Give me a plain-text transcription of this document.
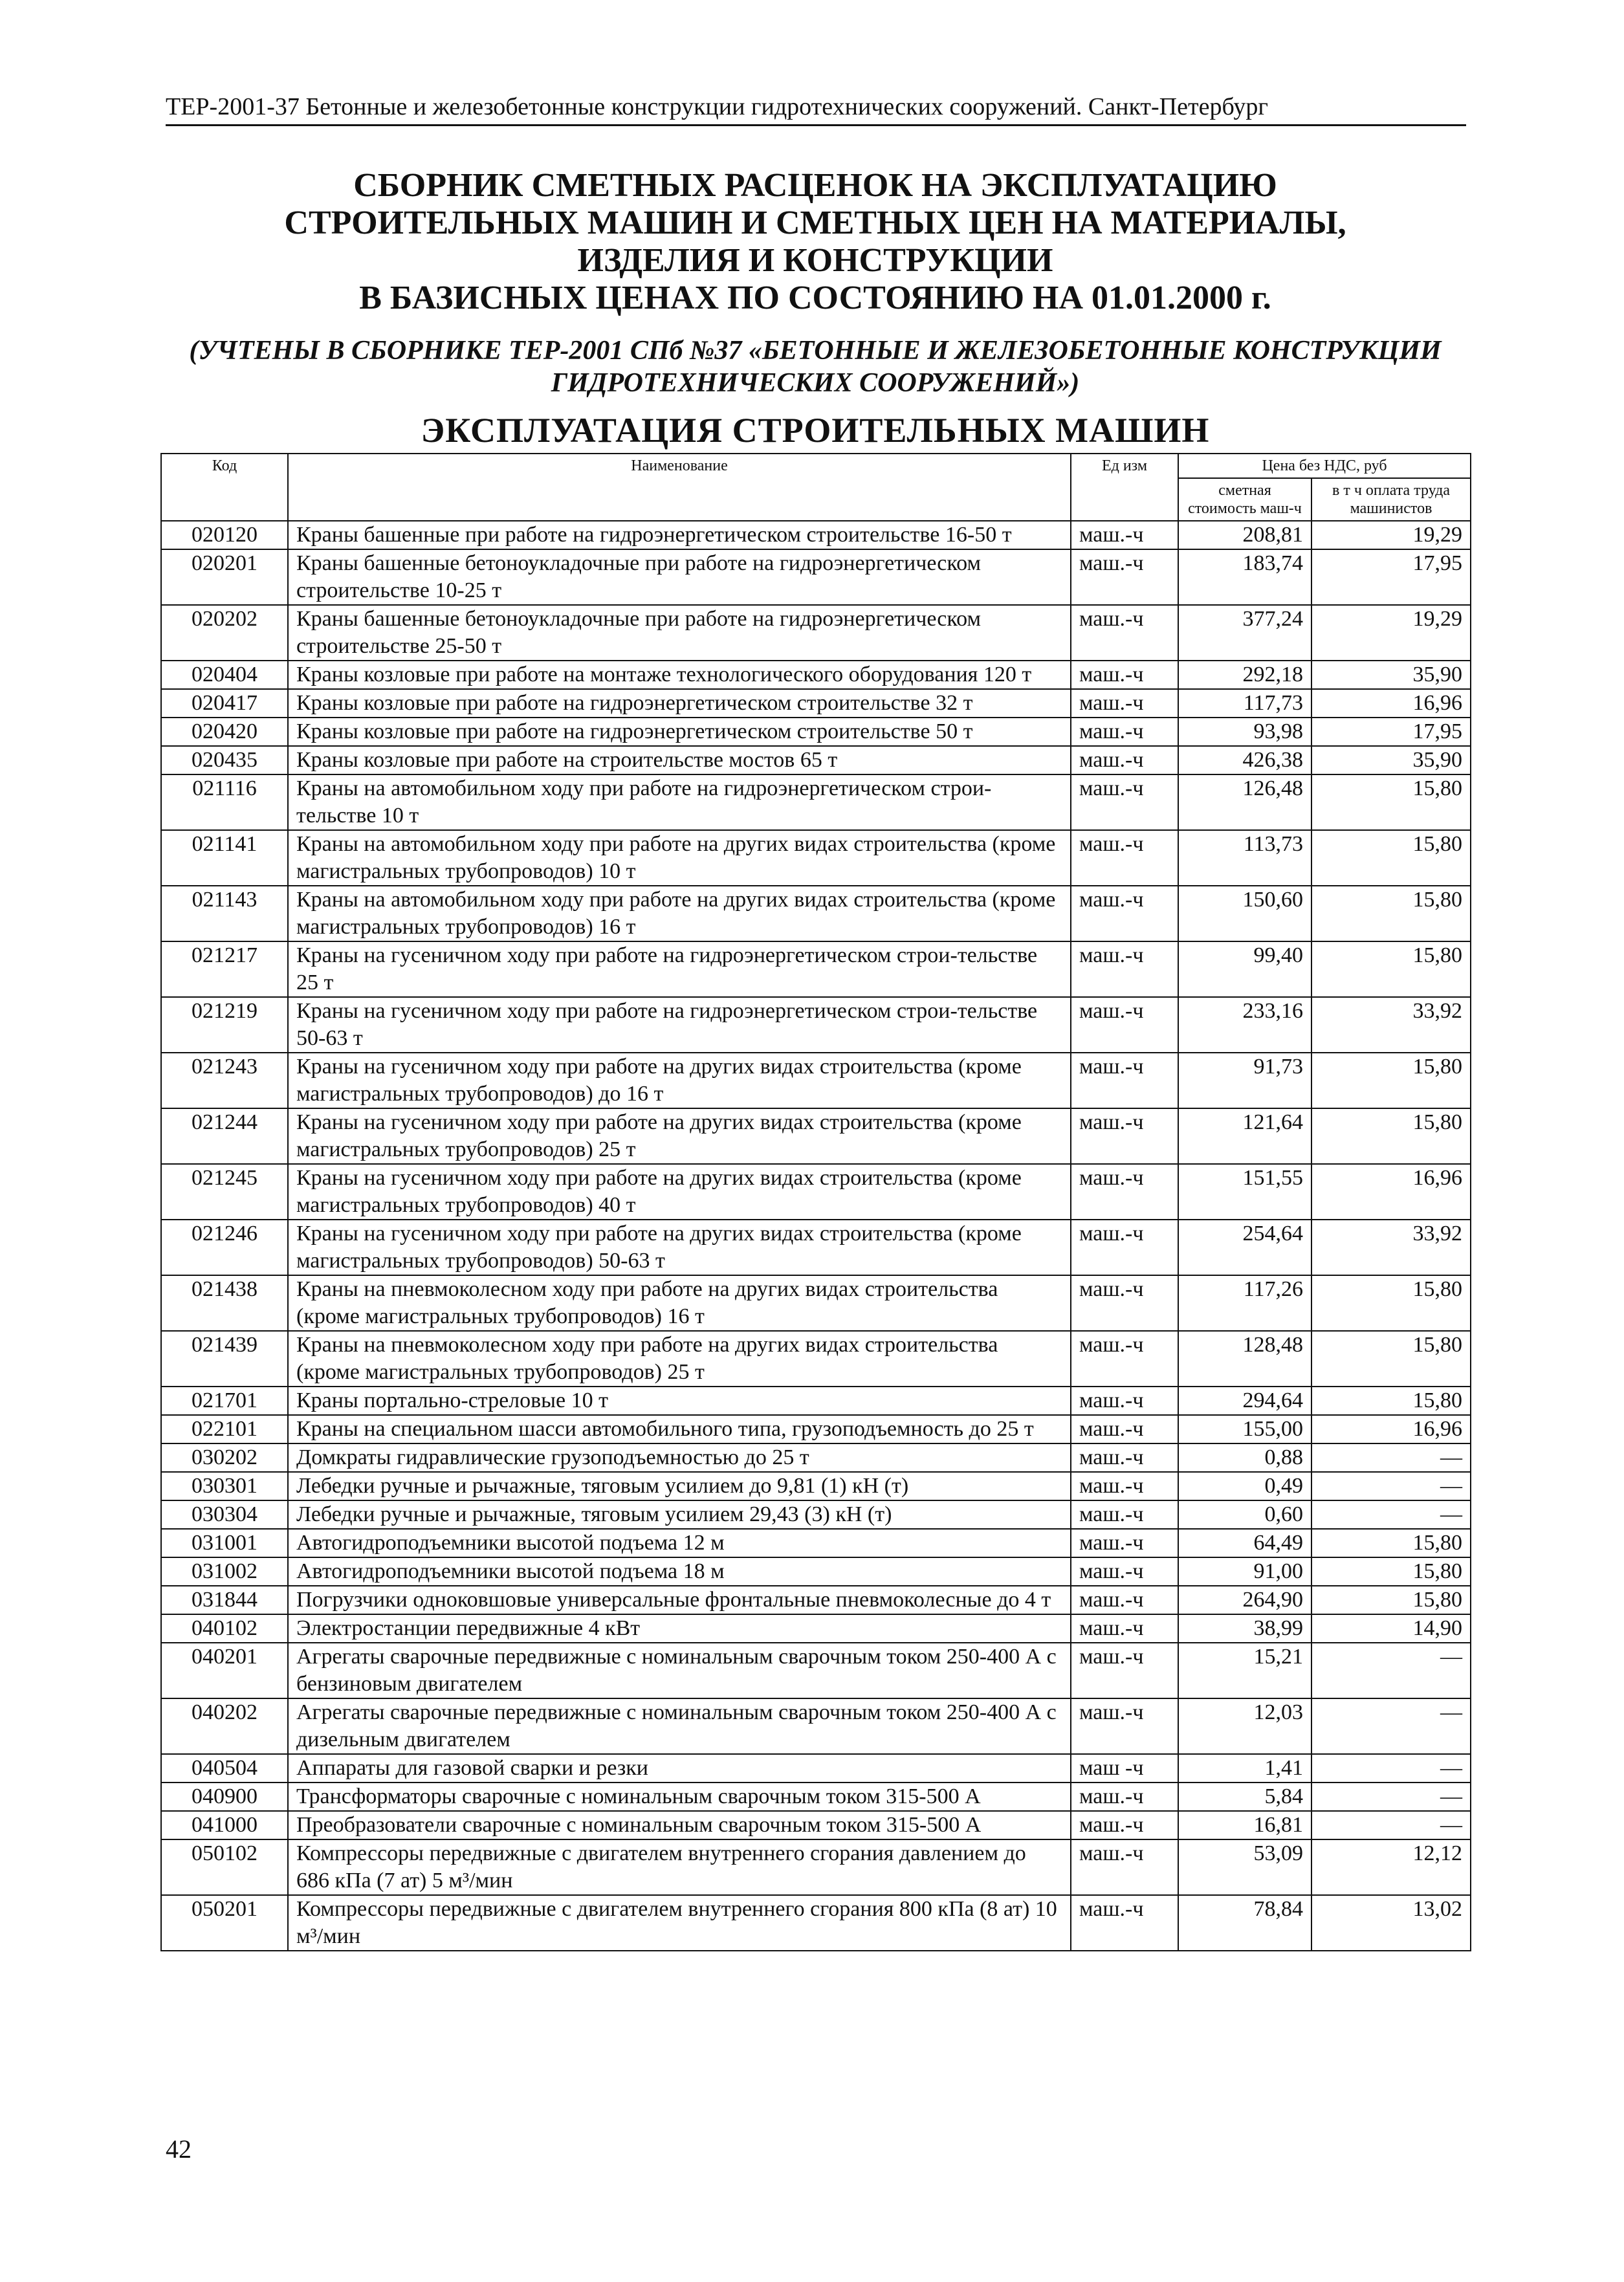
ТЕР-2001-37 Бетонные и железобетонные конструкции гидротехнических сооружений. Санкт-Петербург
СБОРНИК СМЕТНЫХ РАСЦЕНОК НА ЭКСПЛУАТАЦИЮ
СТРОИТЕЛЬНЫХ МАШИН И СМЕТНЫХ ЦЕН НА МАТЕРИАЛЫ,
ИЗДЕЛИЯ И КОНСТРУКЦИИ
В БАЗИСНЫХ ЦЕНАХ ПО СОСТОЯНИЮ НА 01.01.2000 г.
(УЧТЕНЫ В СБОРНИКЕ ТЕР-2001 СПб №37 «БЕТОННЫЕ И ЖЕЛЕЗОБЕТОННЫЕ КОНСТРУКЦИИ
ГИДРОТЕХНИЧЕСКИХ СООРУЖЕНИЙ»)
ЭКСПЛУАТАЦИЯ СТРОИТЕЛЬНЫХ МАШИН
Код	Наименование	Ед изм	Цена без НДС, руб	
			сметная стоимость маш-ч	в т ч оплата труда машинистов
020120	Краны башенные при работе на гидроэнергетическом строительстве 16-50 т	маш.-ч	208,81	19,29
020201	Краны башенные бетоноукладочные при работе на гидроэнергетическом строительстве 10-25 т	маш.-ч	183,74	17,95
020202	Краны башенные бетоноукладочные при работе на гидроэнергетическом строительстве 25-50 т	маш.-ч	377,24	19,29
020404	Краны козловые при работе на монтаже технологического оборудования 120 т	маш.-ч	292,18	35,90
020417	Краны козловые при работе на гидроэнергетическом строительстве 32 т	маш.-ч	117,73	16,96
020420	Краны козловые при работе на гидроэнергетическом строительстве 50 т	маш.-ч	93,98	17,95
020435	Краны козловые при работе на строительстве мостов 65 т	маш.-ч	426,38	35,90
021116	Краны на автомобильном ходу при работе на гидроэнергетическом строи-тельстве 10 т	маш.-ч	126,48	15,80
021141	Краны на автомобильном ходу при работе на других видах строительства (кроме магистральных трубопроводов) 10 т	маш.-ч	113,73	15,80
021143	Краны на автомобильном ходу при работе на других видах строительства (кроме магистральных трубопроводов) 16 т	маш.-ч	150,60	15,80
021217	Краны на гусеничном ходу при работе на гидроэнергетическом строи-тельстве 25 т	маш.-ч	99,40	15,80
021219	Краны на гусеничном ходу при работе на гидроэнергетическом строи-тельстве 50-63 т	маш.-ч	233,16	33,92
021243	Краны на гусеничном ходу при работе на других видах строительства (кроме магистральных трубопроводов) до 16 т	маш.-ч	91,73	15,80
021244	Краны на гусеничном ходу при работе на других видах строительства (кроме магистральных трубопроводов) 25 т	маш.-ч	121,64	15,80
021245	Краны на гусеничном ходу при работе на других видах строительства (кроме магистральных трубопроводов) 40 т	маш.-ч	151,55	16,96
021246	Краны на гусеничном ходу при работе на других видах строительства (кроме магистральных трубопроводов) 50-63 т	маш.-ч	254,64	33,92
021438	Краны на пневмоколесном ходу при работе на других видах строительства (кроме магистральных трубопроводов) 16 т	маш.-ч	117,26	15,80
021439	Краны на пневмоколесном ходу при работе на других видах строительства (кроме магистральных трубопроводов) 25 т	маш.-ч	128,48	15,80
021701	Краны портально-стреловые 10 т	маш.-ч	294,64	15,80
022101	Краны на специальном шасси автомобильного типа, грузоподъемность до 25 т	маш.-ч	155,00	16,96
030202	Домкраты гидравлические грузоподъемностью до 25 т	маш.-ч	0,88	—
030301	Лебедки ручные и рычажные, тяговым усилием до 9,81 (1) кН (т)	маш.-ч	0,49	—
030304	Лебедки ручные и рычажные, тяговым усилием 29,43 (3) кН (т)	маш.-ч	0,60	—
031001	Автогидроподъемники высотой подъема 12 м	маш.-ч	64,49	15,80
031002	Автогидроподъемники высотой подъема 18 м	маш.-ч	91,00	15,80
031844	Погрузчики одноковшовые универсальные фронтальные пневмоколесные до 4 т	маш.-ч	264,90	15,80
040102	Электростанции передвижные 4 кВт	маш.-ч	38,99	14,90
040201	Агрегаты сварочные передвижные с номинальным сварочным током 250-400 А с бензиновым двигателем	маш.-ч	15,21	—
040202	Агрегаты сварочные передвижные с номинальным сварочным током 250-400 А с дизельным двигателем	маш.-ч	12,03	—
040504	Аппараты для газовой сварки и резки	маш -ч	1,41	—
040900	Трансформаторы сварочные с номинальным сварочным током 315-500 А	маш.-ч	5,84	—
041000	Преобразователи сварочные с номинальным сварочным током 315-500 А	маш.-ч	16,81	—
050102	Компрессоры передвижные с двигателем внутреннего сгорания давлением до 686 кПа (7 ат) 5 м³/мин	маш.-ч	53,09	12,12
050201	Компрессоры передвижные с двигателем внутреннего сгорания 800 кПа (8 ат) 10 м³/мин	маш.-ч	78,84	13,02
42
